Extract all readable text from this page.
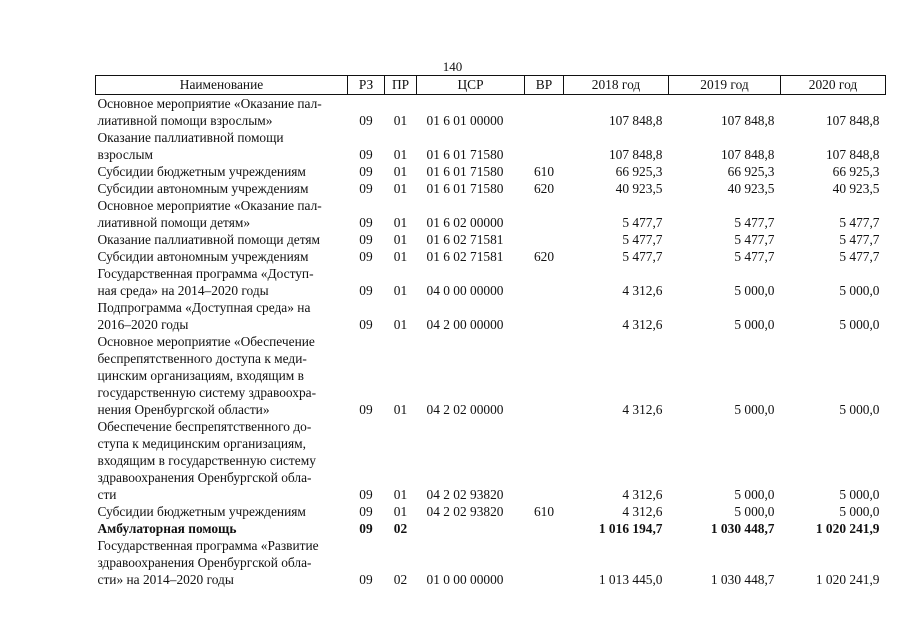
140
Наименование	РЗ	ПР	ЦСР	ВР	2018 год	2019 год	2020 год
Основное мероприятие «Оказание пал-
лиативной помощи взрослым»	09	01	01 6 01 00000		107 848,8	107 848,8	107 848,8
Оказание паллиативной помощи
взрослым	09	01	01 6 01 71580		107 848,8	107 848,8	107 848,8
Субсидии бюджетным учреждениям	09	01	01 6 01 71580	610	66 925,3	66 925,3	66 925,3
Субсидии автономным учреждениям	09	01	01 6 01 71580	620	40 923,5	40 923,5	40 923,5
Основное мероприятие «Оказание пал-
лиативной помощи детям»	09	01	01 6 02 00000		5 477,7	5 477,7	5 477,7
Оказание паллиативной помощи детям	09	01	01 6 02 71581		5 477,7	5 477,7	5 477,7
Субсидии автономным учреждениям	09	01	01 6 02 71581	620	5 477,7	5 477,7	5 477,7
Государственная программа «Доступ-
ная среда» на 2014–2020 годы	09	01	04 0 00 00000		4 312,6	5 000,0	5 000,0
Подпрограмма «Доступная среда» на
2016–2020 годы	09	01	04 2 00 00000		4 312,6	5 000,0	5 000,0
Основное мероприятие «Обеспечение
беспрепятственного доступа к меди-
цинским организациям, входящим в
государственную систему здравоохра-
нения Оренбургской области»	09	01	04 2 02 00000		4 312,6	5 000,0	5 000,0
Обеспечение беспрепятственного до-
ступа к медицинским организациям,
входящим в государственную систему
здравоохранения Оренбургской обла-
сти	09	01	04 2 02 93820		4 312,6	5 000,0	5 000,0
Субсидии бюджетным учреждениям	09	01	04 2 02 93820	610	4 312,6	5 000,0	5 000,0
Амбулаторная помощь	09	02			1 016 194,7	1 030 448,7	1 020 241,9
Государственная программа «Развитие
здравоохранения Оренбургской обла-
сти» на 2014–2020 годы	09	02	01 0 00 00000		1 013 445,0	1 030 448,7	1 020 241,9
